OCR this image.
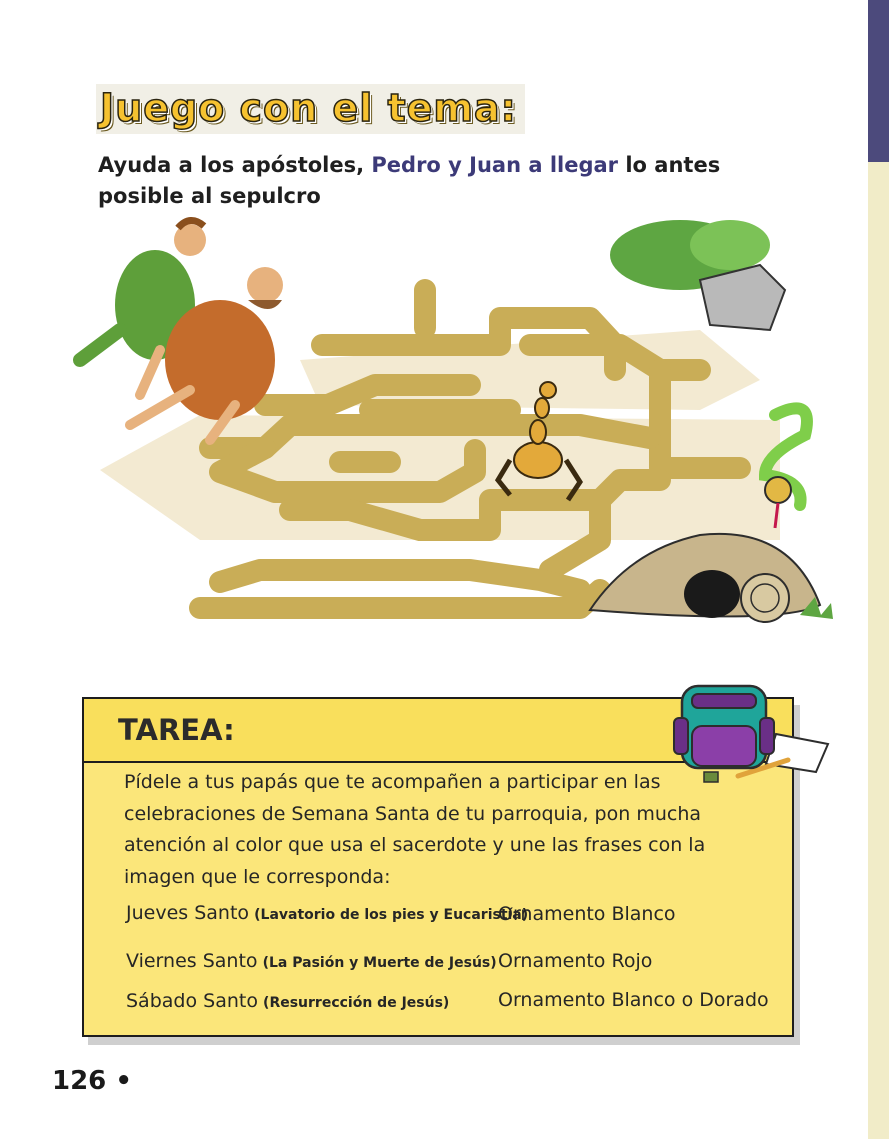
Juego con el tema:

Ayuda a los apóstoles, Pedro y Juan a llegar lo antes posible al sepulcro

TAREA:

Pídele a tus papás que te acompañen a participar en las celebraciones de Semana Santa de tu parroquia, pon mucha atención al color que usa el sacerdote y une las frases con la imagen que le corresponda:

Jueves Santo (Lavatorio de los pies y Eucaristía)
Viernes Santo (La Pasión y Muerte de Jesús)
Sábado Santo (Resurrección de Jesús)
Ornamento Blanco
Ornamento Rojo
Ornamento Blanco o Dorado
126 •
